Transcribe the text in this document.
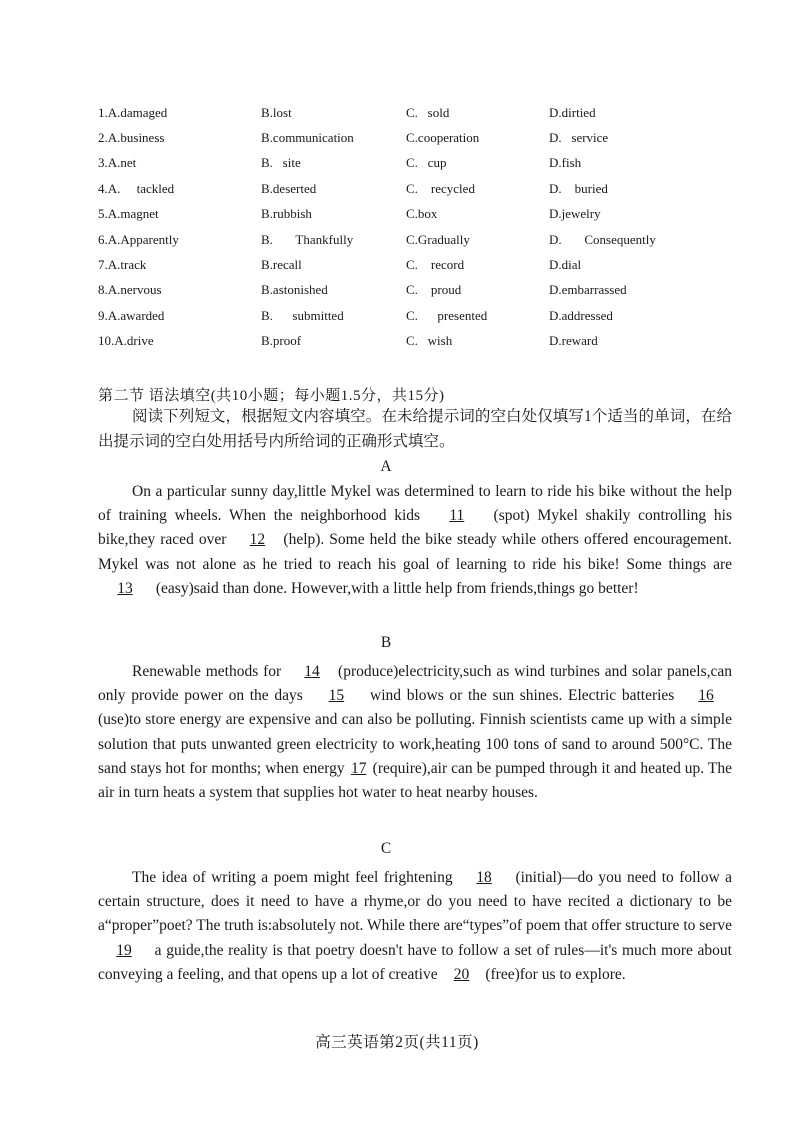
1.A.damaged	B.lost	C.   sold	D.dirtied
2.A.business	B.communication	C.cooperation	D.   service
3.A.net	B.   site	C.   cup	D.fish
4.A.     tackled	B.deserted	C.    recycled	D.    buried
5.A.magnet	B.rubbish	C.box	D.jewelry
6.A.Apparently	B.       Thankfully	C.Gradually	D.       Consequently
7.A.track	B.recall	C.    record	D.dial
8.A.nervous	B.astonished	C.    proud	D.embarrassed
9.A.awarded	B.      submitted	C.      presented	D.addressed
10.A.drive	B.proof	C.   wish	D.reward
第二节 语法填空(共10小题；每小题1.5分，共15分)

阅读下列短文，根据短文内容填空。在未给提示词的空白处仅填写1个适当的单词，在给出提示词的空白处用括号内所给词的正确形式填空。

A

On a particular sunny day,little Mykel was determined to learn to ride his bike without the help of training wheels. When the neighborhood kids 11 (spot) Mykel shakily controlling his bike,they raced over 12 (help). Some held the bike steady while others offered encouragement. Mykel was not alone as he tried to reach his goal of learning to ride his bike! Some things are 13 (easy)said than done. However,with a little help from friends,things go better!

B

Renewable methods for 14 (produce)electricity,such as wind turbines and solar panels,can only provide power on the days 15 wind blows or the sun shines. Electric batteries 16(use)to store energy are expensive and can also be polluting. Finnish scientists came up with a simple solution that puts unwanted green electricity to work,heating 100 tons of sand to around 500°C. The sand stays hot for months; when energy 17 (require),air can be pumped through it and heated up. The air in turn heats a system that supplies hot water to heat nearby houses.

C

The idea of writing a poem might feel frightening 18 (initial)—do you need to follow a certain structure, does it need to have a rhyme,or do you need to have recited a dictionary to be a“proper”poet? The truth is:absolutely not. While there are“types”of poem that offer structure to serve 19 a guide,the reality is that poetry doesn't have to follow a set of rules—it's much more about conveying a feeling, and that opens up a lot of creative 20 (free)for us to explore.

高三英语第2页(共11页)
